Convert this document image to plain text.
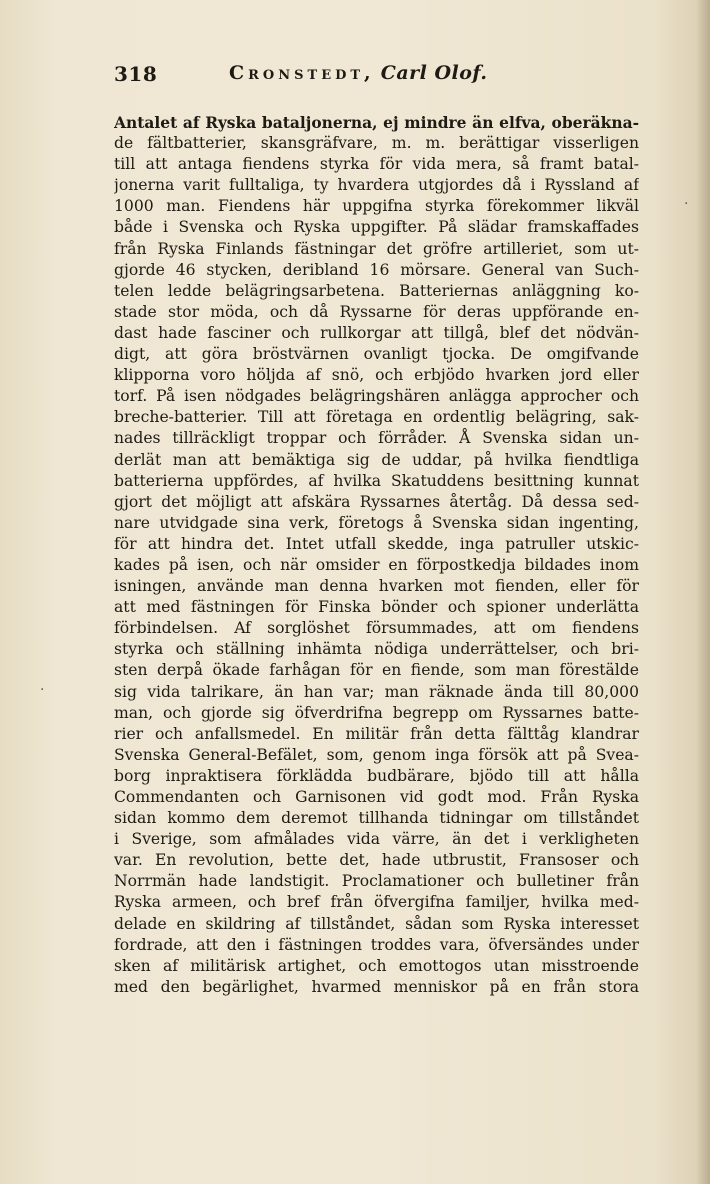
318	Cronstedt, Carl Olof.
Antalet af Ryska bataljonerna, ej mindre än elfva, oberäkna-
de fältbatterier, skansgräfvare, m. m. berättigar visserligen
till att antaga fiendens styrka för vida mera, så framt batal-
jonerna varit fulltaliga, ty hvardera utgjordes då i Ryssland af
1000 man. Fiendens här uppgifna styrka förekommer likväl
både i Svenska och Ryska uppgifter. På slädar framskaffades
från Ryska Finlands fästningar det gröfre artilleriet, som ut-
gjorde 46 stycken, deribland 16 mörsare. General van Such-
telen ledde belägringsarbetena. Batteriernas anläggning ko-
stade stor möda, och då Ryssarne för deras uppförande en-
dast hade fasciner och rullkorgar att tillgå, blef det nödvän-
digt, att göra bröstvärnen ovanligt tjocka. De omgifvande
klipporna voro höljda af snö, och erbjödo hvarken jord eller
torf. På isen nödgades belägringshären anlägga approcher och
breche-batterier. Till att företaga en ordentlig belägring, sak-
nades tillräckligt troppar och förråder. Å Svenska sidan un-
derlät man att bemäktiga sig de uddar, på hvilka fiendtliga
batterierna uppfördes, af hvilka Skatuddens besittning kunnat
gjort det möjligt att afskära Ryssarnes återtåg. Då dessa sed-
nare utvidgade sina verk, företogs å Svenska sidan ingenting,
för att hindra det. Intet utfall skedde, inga patruller utskic-
kades på isen, och när omsider en förpostkedja bildades inom
isningen, använde man denna hvarken mot fienden, eller för
att med fästningen för Finska bönder och spioner underlätta
förbindelsen. Af sorglöshet försummades, att om fiendens
styrka och ställning inhämta nödiga underrättelser, och bri-
sten derpå ökade farhågan för en fiende, som man förestälde
sig vida talrikare, än han var; man räknade ända till 80,000
man, och gjorde sig öfverdrifna begrepp om Ryssarnes batte-
rier och anfallsmedel. En militär från detta fälttåg klandrar
Svenska General-Befälet, som, genom inga försök att på Svea-
borg inpraktisera förklädda budbärare, bjödo till att hålla
Commendanten och Garnisonen vid godt mod. Från Ryska
sidan kommo dem deremot tillhanda tidningar om tillståndet
i Sverige, som afmålades vida värre, än det i verkligheten
var. En revolution, bette det, hade utbrustit, Fransoser och
Norrmän hade landstigit. Proclamationer och bulletiner från
Ryska armeen, och bref från öfvergifna familjer, hvilka med-
delade en skildring af tillståndet, sådan som Ryska interesset
fordrade, att den i fästningen troddes vara, öfversändes under
sken af militärisk artighet, och emottogos utan misstroende
med den begärlighet, hvarmed menniskor på en från stora
·
·
